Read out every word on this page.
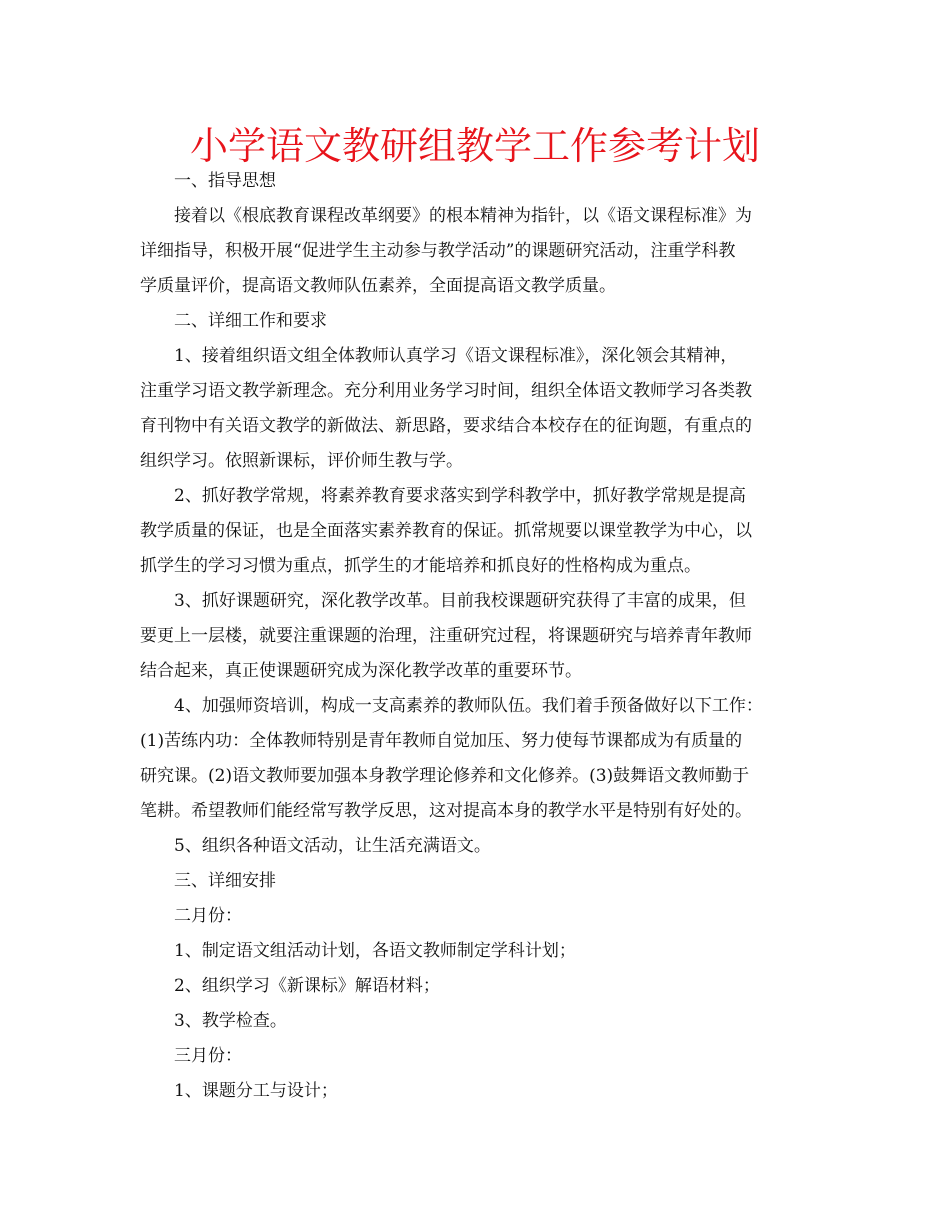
小学语文教研组教学工作参考计划

一、指导思想

接着以《根底教育课程改革纲要》的根本精神为指针，以《语文课程标准》为
详细指导，积极开展“促进学生主动参与教学活动”的课题研究活动，注重学科教
学质量评价，提高语文教师队伍素养，全面提高语文教学质量。

二、详细工作和要求

1、接着组织语文组全体教师认真学习《语文课程标准》，深化领会其精神，
注重学习语文教学新理念。充分利用业务学习时间，组织全体语文教师学习各类教
育刊物中有关语文教学的新做法、新思路，要求结合本校存在的征询题，有重点的
组织学习。依照新课标，评价师生教与学。

2、抓好教学常规，将素养教育要求落实到学科教学中，抓好教学常规是提高
教学质量的保证，也是全面落实素养教育的保证。抓常规要以课堂教学为中心，以
抓学生的学习习惯为重点，抓学生的才能培养和抓良好的性格构成为重点。

3、抓好课题研究，深化教学改革。目前我校课题研究获得了丰富的成果，但
要更上一层楼，就要注重课题的治理，注重研究过程，将课题研究与培养青年教师
结合起来，真正使课题研究成为深化教学改革的重要环节。

4、加强师资培训，构成一支高素养的教师队伍。我们着手预备做好以下工作：
(1)苦练内功：全体教师特别是青年教师自觉加压、努力使每节课都成为有质量的
研究课。(2)语文教师要加强本身教学理论修养和文化修养。(3)鼓舞语文教师勤于
笔耕。希望教师们能经常写教学反思，这对提高本身的教学水平是特别有好处的。

5、组织各种语文活动，让生活充满语文。

三、详细安排

二月份：

1、制定语文组活动计划，各语文教师制定学科计划；

2、组织学习《新课标》解语材料；

3、教学检查。

三月份：

1、课题分工与设计；
